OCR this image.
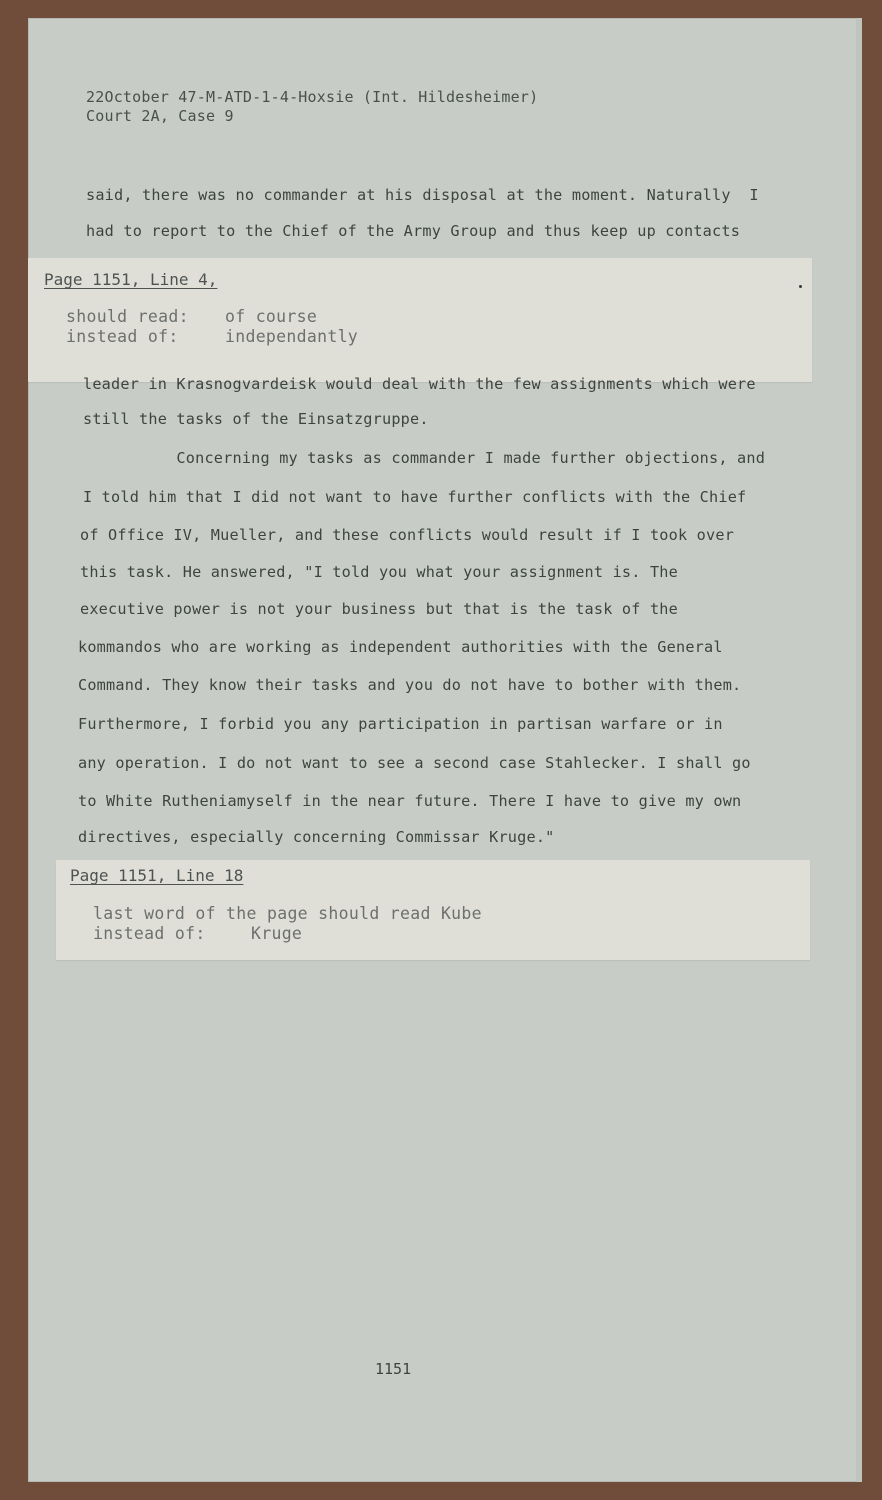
22October 47-M-ATD-1-4-Hoxsie (Int. Hildesheimer)
Court 2A, Case 9
said, there was no commander at his disposal at the moment. Naturally  I
had to report to the Chief of the Army Group and thus keep up contacts
Page 1151, Line 4,
should read: of course
instead of:	independantly
leader in Krasnogvardeisk would deal with the few assignments which were
still the tasks of the Einsatzgruppe.
Concerning my tasks as commander I made further objections, and
I told him that I did not want to have further conflicts with the Chief
of Office IV, Mueller, and these conflicts would result if I took over
this task. He answered, "I told you what your assignment is. The
executive power is not your business but that is the task of the
kommandos who are working as independent authorities with the General
Command. They know their tasks and you do not have to bother with them.
Furthermore, I forbid you any participation in partisan warfare or in
any operation. I do not want to see a second case Stahlecker. I shall go
to White Rutheniamyself in the near future. There I have to give my own
directives, especially concerning Commissar Kruge."
Page 1151, Line 18
last word of the page should read Kube
instead of:	Kruge
1151
